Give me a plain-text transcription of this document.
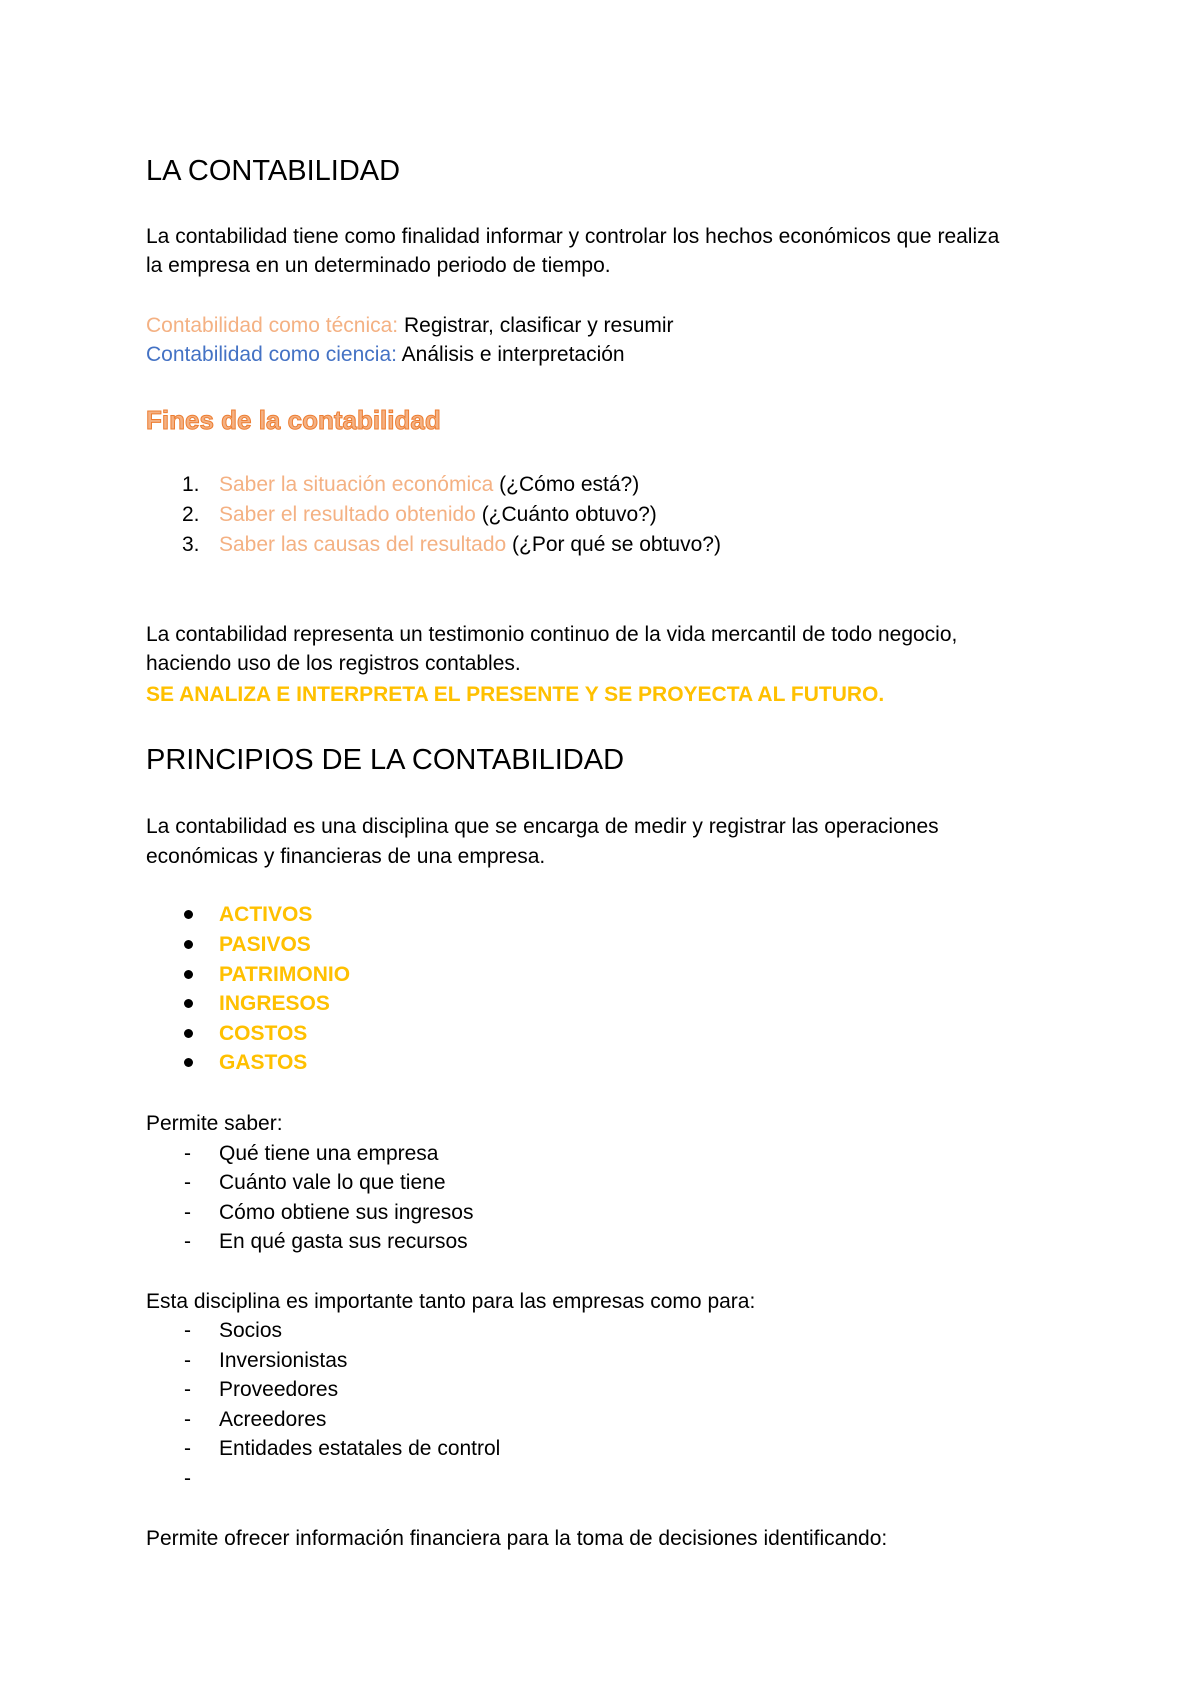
LA CONTABILIDAD
La contabilidad tiene como finalidad informar y controlar los hechos económicos que realiza
la empresa en un determinado periodo de tiempo.
Contabilidad como técnica: Registrar, clasificar y resumir
Contabilidad como ciencia: Análisis e interpretación
Fines de la contabilidad
1. Saber la situación económica (¿Cómo está?)
2. Saber el resultado obtenido (¿Cuánto obtuvo?)
3. Saber las causas del resultado (¿Por qué se obtuvo?)
La contabilidad representa un testimonio continuo de la vida mercantil de todo negocio,
haciendo uso de los registros contables.
SE ANALIZA E INTERPRETA EL PRESENTE Y SE PROYECTA AL FUTURO.
PRINCIPIOS DE LA CONTABILIDAD
La contabilidad es una disciplina que se encarga de medir y registrar las operaciones
económicas y financieras de una empresa.
ACTIVOS
PASIVOS
PATRIMONIO
INGRESOS
COSTOS
GASTOS
Permite saber:
- Qué tiene una empresa
- Cuánto vale lo que tiene
- Cómo obtiene sus ingresos
- En qué gasta sus recursos
Esta disciplina es importante tanto para las empresas como para:
- Socios
- Inversionistas
- Proveedores
- Acreedores
- Entidades estatales de control
-
Permite ofrecer información financiera para la toma de decisiones identificando:
